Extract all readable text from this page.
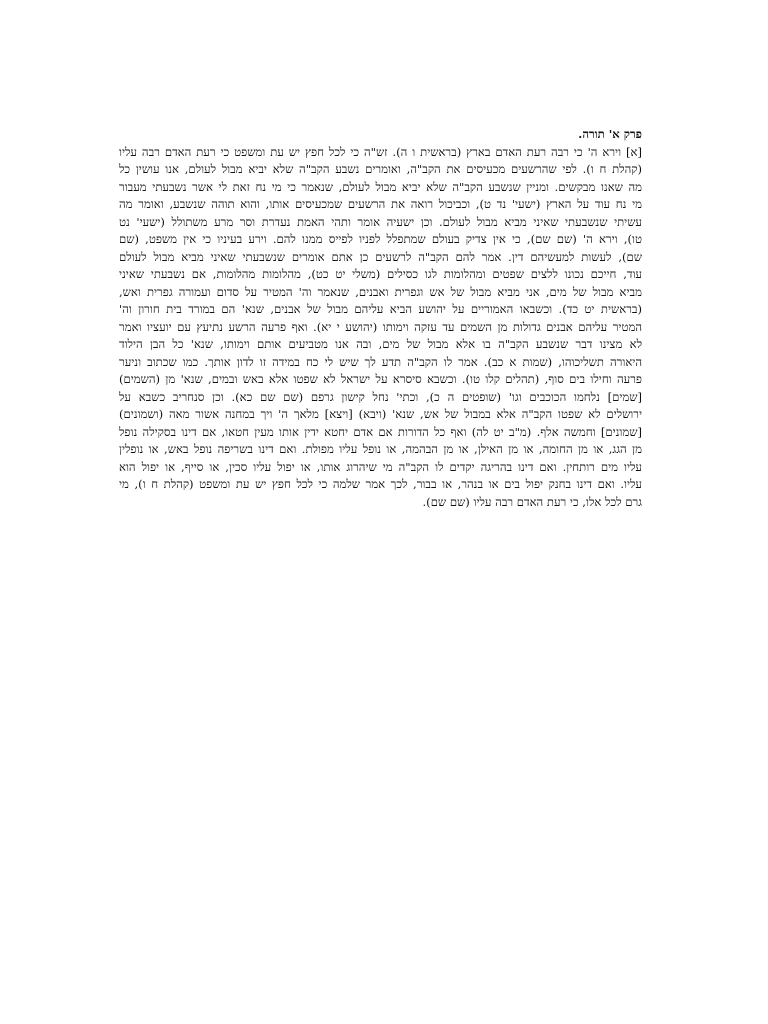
פרק א' תורה.
[א] וירא ה' כי רבה רעת האדם בארץ (בראשית ו ה). זש"ה כי לכל חפץ יש עת ומשפט כי רעת האדם רבה עליו
(קהלת ח ו). לפי שהרשעים מכעיסים את הקב"ה, ואומרים נשבע הקב"ה שלא יביא מבול לעולם, אנו עושין כל
מה שאנו מבקשים. ומניין שנשבע הקב"ה שלא יביא מבול לעולם, שנאמר כי מי נח זאת לי אשר נשבעתי מעבור
מי נח עוד על הארץ (ישעי' נד ט), וכביכול רואה את הרשעים שמכעיסים אותו, והוא תוהה שנשבע, ואומר מה
עשיתי שנשבעתי שאיני מביא מבול לעולם. וכן ישעיה אומר ותהי האמת נעדרת וסר מרע משתולל (ישעי' נט
טו), וירא ה' (שם שם), כי אין צדיק בעולם שמתפלל לפניו לפייס ממנו להם. וירע בעיניו כי אין משפט, (שם
שם), לעשות למעשיהם דין. אמר להם הקב"ה לרשעים כן אתם אומרים שנשבעתי שאיני מביא מבול לעולם
עוד, חייכם נכונו ללצים שפטים ומהלומות לגו כסילים (משלי יט כט), מהלומות מהלומות, אם נשבעתי שאיני
מביא מבול של מים, אני מביא מבול של אש וגפרית ואבנים, שנאמר וה' המטיר על סדום ועמורה גפרית ואש,
(בראשית יט כד). וכשבאו האמוריים על יהושע הביא עליהם מבול של אבנים, שנא' הם במורד בית חורון וה'
המטיר עליהם אבנים גדולות מן השמים עד עזקה וימותו (יהושע י יא). ואף פרעה הרשע נתיעץ עם יועציו ואמר
לא מצינו דבר שנשבע הקב"ה בו אלא מבול של מים, ובה אנו מטביעים אותם וימותו, שנא' כל הבן הילוד
היאורה תשליכוהו, (שמות א כב). אמר לו הקב"ה תדע לך שיש לי כח במידה זו לדון אותך. כמו שכתוב וניער
פרעה וחילו בים סוף, (תהלים קלו טו). וכשבא סיסרא על ישראל לא שפטו אלא באש ובמים, שנא' מן (השמים)
[שמים] נלחמו הכוכבים וגו' (שופטים ה כ), וכתי' נחל קישון גרפם (שם שם כא). וכן סנחריב כשבא על
ירושלים לא שפטו הקב"ה אלא במבול של אש, שנא' (ויבא) [ויצא] מלאך ה' ויך במחנה אשור מאה (ושמונים)
[שמונים] וחמשה אלף. (מ"ב יט לה) ואף כל הדורות אם אדם יחטא ידין אותו מעין חטאו, אם דינו בסקילה נופל
מן הגג, או מן החומה, או מן האילן, או מן הבהמה, או נופל עליו מפולת. ואם דינו בשריפה נופל באש, או נופלין
עליו מים רותחין. ואם דינו בהריגה יקדים לו הקב"ה מי שיהרוג אותו, או יפול עליו סכין, או סייף, או יפול הוא
עליו. ואם דינו בחנק יפול בים או בנהר, או בבור, לכך אמר שלמה כי לכל חפץ יש עת ומשפט (קהלת ח ו), מי
גרם לכל אלו, כי רעת האדם רבה עליו (שם שם).
